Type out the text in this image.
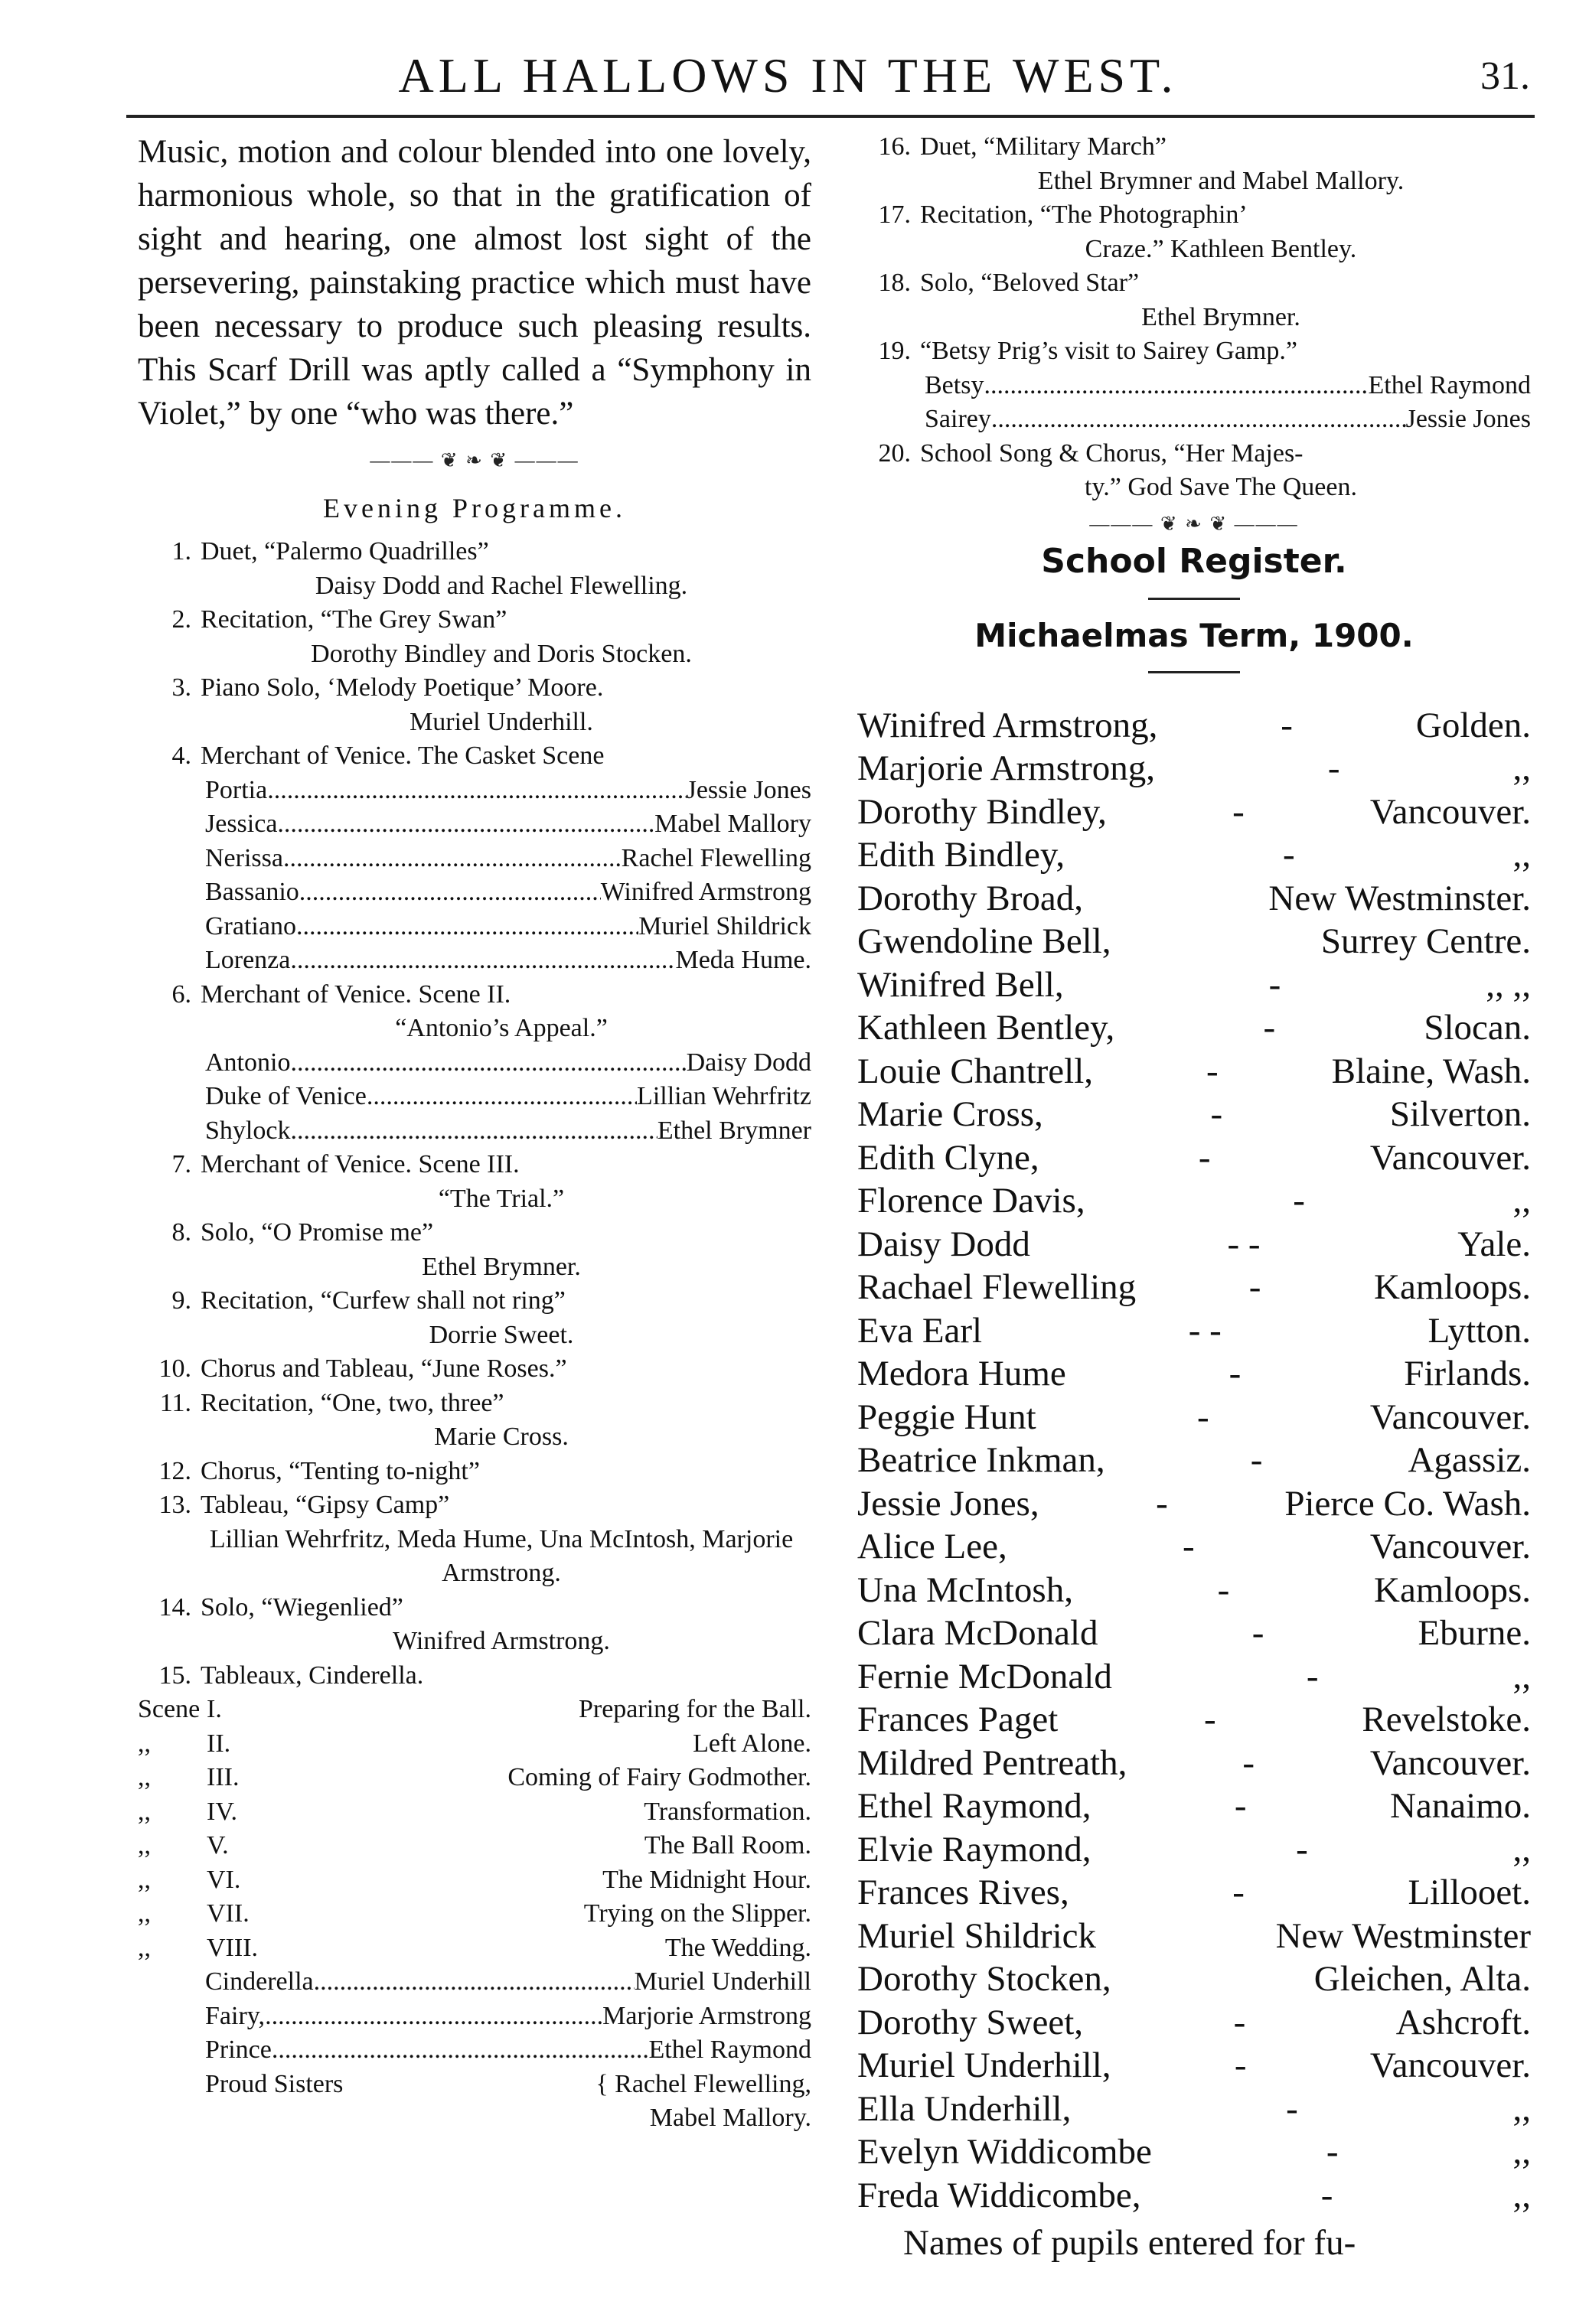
ALL HALLOWS IN THE WEST.	31.

Music, motion and colour blended into one lovely, harmonious whole, so that in the gratification of sight and hearing, one almost lost sight of the persevering, painstaking practice which must have been necessary to produce such pleasing results. This Scarf Drill was aptly called a “Symphony in Violet,” by one “who was there.”

——— ❦ ❧ ❦ ———
Evening Programme.
1. Duet, “Palermo Quadrilles”
Daisy Dodd and Rachel Flewelling.
2. Recitation, “The Grey Swan”
Dorothy Bindley and Doris Stocken.
3. Piano Solo, ‘Melody Poetique’ Moore.
Muriel Underhill.
4. Merchant of Venice. The Casket Scene
Portia .....	Jessie Jones
Jessica .....	Mabel Mallory
Nerissa .....	Rachel Flewelling
Bassanio .....	Winifred Armstrong
Gratiano .....	Muriel Shildrick
Lorenza .....	Meda Hume.
6. Merchant of Venice. Scene II.
“Antonio’s Appeal.”
Antonio .....	Daisy Dodd
Duke of Venice .....	Lillian Wehrfritz
Shylock .....	Ethel Brymner
7. Merchant of Venice. Scene III.
“The Trial.”
8. Solo, “O Promise me”
Ethel Brymner.
9. Recitation, “Curfew shall not ring”
Dorrie Sweet.
10. Chorus and Tableau, “June Roses.”
11. Recitation, “One, two, three”
Marie Cross.
12. Chorus, “Tenting to-night”
13. Tableau, “Gipsy Camp”
Lillian Wehrfritz, Meda Hume, Una McIntosh, Marjorie Armstrong.
14. Solo, “Wiegenlied”
Winifred Armstrong.
15. Tableaux, Cinderella.
Scene I.	Preparing for the Ball.
,,	II.	Left Alone.
,,	III.	Coming of Fairy Godmother.
,,	IV.	Transformation.
,,	V.	The Ball Room.
,,	VI.	The Midnight Hour.
,,	VII.	Trying on the Slipper.
,,	VIII.	The Wedding.
Cinderella .....	Muriel Underhill
Fairy, .....	Marjorie Armstrong
Prince .....	Ethel Raymond
Proud Sisters	{ Rachel Flewelling,
Mabel Mallory.
16. Duet, “Military March”
Ethel Brymner and Mabel Mallory.
17. Recitation, “The Photographin’
Craze.” Kathleen Bentley.
18. Solo, “Beloved Star”
Ethel Brymner.
19. “Betsy Prig’s visit to Sairey Gamp.”
Betsy .....	Ethel Raymond
Sairey .....	Jessie Jones
20. School Song & Chorus, “Her Majes-
ty.” God Save The Queen.
——— ❦ ❧ ❦ ———
School Register.
Michaelmas Term, 1900.
Winifred Armstrong,	-	Golden.
Marjorie Armstrong,	-	,,
Dorothy Bindley,	-	Vancouver.
Edith Bindley,	-	,,
Dorothy Broad,	New Westminster.
Gwendoline Bell,	Surrey Centre.
Winifred Bell,	-	,, ,,
Kathleen Bentley,	-	Slocan.
Louie Chantrell,	-	Blaine, Wash.
Marie Cross,	-	Silverton.
Edith Clyne,	-	Vancouver.
Florence Davis,	-	,,
Daisy Dodd	- -	Yale.
Rachael Flewelling	-	Kamloops.
Eva Earl	- -	Lytton.
Medora Hume	-	Firlands.
Peggie Hunt	-	Vancouver.
Beatrice Inkman,	-	Agassiz.
Jessie Jones,	-	Pierce Co. Wash.
Alice Lee,	-	Vancouver.
Una McIntosh,	-	Kamloops.
Clara McDonald	-	Eburne.
Fernie McDonald	-	,,
Frances Paget	-	Revelstoke.
Mildred Pentreath,	-	Vancouver.
Ethel Raymond,	-	Nanaimo.
Elvie Raymond,	-	,,
Frances Rives,	-	Lillooet.
Muriel Shildrick	New Westminster
Dorothy Stocken,	Gleichen, Alta.
Dorothy Sweet,	-	Ashcroft.
Muriel Underhill,	-	Vancouver.
Ella Underhill,	-	,,
Evelyn Widdicombe	-	,,
Freda Widdicombe,	-	,,
Names of pupils entered for fu-
